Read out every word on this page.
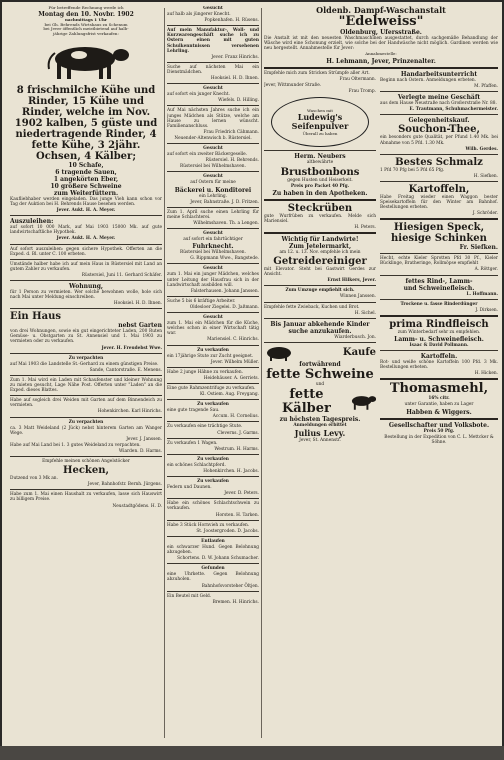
Für betreffende Rechnung werde ich
Montag den 10. Novbr. 1902
nachmittags 1 Uhr
bei Gh. Behrends Wirtshaus zu Schenum
bei Jever öffentlich meistbietend auf halb-
jährige Zahlungsfrist verkaufen:
8 frischmilche Kühe und
Rinder, 15 Kühe und
Rinder, welche im Nov.
1902 kalben, 5 güste und
niedertragende Rinder, 4
fette Kühe, 3 2jähr.
Ochsen, 4 Kälber;
10 Schafe,
6 tragende Sauen,
1 angekörten Eber,
10 größere Schweine
zum Weiterfüttern.
Kaufliebhaber werden eingeladen. Das junge Vieh kann schon vor Tag der Auktion bei H. Behrends Hause besehen werden.
Jever. Aukt. H. A. Meyer.
Auszuleihen:
auf sofort 10 000 Mark, auf Mai 1903 15000 Mk. auf gute landwirtschaftliche Hypothek.
Jever. Aukt. H. A. Meyer.
Auf sofort auszuleihen: gegen sichere Hypothek. Offerten an die Exped. d. Bl. unter C. 100 erbeten.
Umstände halber habe ich auf mein Haus in Rüstersiel mit Land an gutem Zahler zu verkaufen.
Rüstersiel, Juni 11. Gerhard Schäfer.
Wohnung,
für 1 Person zu vermieten. Wer solche bewohnen wolle, hole sich nach Mai unter Meldung einschreiben.
Hooksiel. H. D. Ihnen.
Ein Haus
nebst Garten
von drei Wohnungen, sowie ein gut eingerichteter Laden, 200 Ruten Gemüse- u. Obstgarten zu St. Annensiel und 1. Mai 1903 zu vermieten oder zu verkaufen.
Jever. H. Freudebst Wwe.
Zu verpachten
auf Mai 1903 die Landstelle St.-Gerhard zu einem günstigen Preise.
Sande, Cantorstraße. E. Menens.
Zum 1. Mai wird ein Laden mit Schaufenster und kleiner Wohnung zu mieten gesucht, Lage Nähe Post. Offerten unter "Laden" an die Exped. dieses Blattes.
Habe auf sogleich drei Weiden mit Garten auf dem Binnendeich zu vermieten.
Hohenkirchen. Karl Hinrichs.
Zu verpachten
ca. 3 Matt Weideland (2 Jück) nebst hinterem Garten am Wanger Wege.
Jever. J. Janssen.
Habe auf Mai Land bei 1. 3 gutes Weideland zu verpachten.
Wiarden. D. Harms.
Empfehle meinen schönen Angelstöcker
Hecken,
Dutzend von 3 Mk an.
Jever, Bahnhofstr. Bernh. Jürgens.
Habe zum 1. Mai einen Haushalt zu verkaufen, lasse sich Hauswirt zu billigem Preise.
Neustadtgödens. H. D.
Gesucht
auf halb als jüngerer Knecht.
Popkenhafen. H. Rüsens.
Auf mein Manufaktur-, Woll- und Kurzwarengeschäft suche ich zu Ostern einen mit guten Schulkenntnissen versehenen Lehrling.
Jever. Franz Hinrichs.
Suche auf nächsten Mai ein Dienstmädchen.
Hooksiel. H. D. Ihnen.
Gesucht
auf sofort ein junger Knecht.
Wiefels. D. Hilling.
Auf Mai nächsten Jahres suche ich ein junges Mädchen als Stütze, welche am Hause zu lernen wünscht. Familienanschluss.
Frau Friedrich Cähmann.
Neuender-Altenwisch b. Rüstersiel.
Gesucht
auf sofort ein zweiter Bäckergeselle.
Rüstersiel. H. Behrends.
Rüstersiel bei Wilhelmshaven.
Gesucht
auf Ostern für meine
Bäckerei u. Konditorei
ein Lehrling.
Jever, Bahnstraße. J. D. Fritzen.
Zum 1. April suche einen Lehrling für meine Schlachterei.
Wilhelmshaven. Th. a Lengen.
Gesucht
auf sofort ein fahrtüchtiger
Fuhrknecht.
Rüstersiel bei Wilhelmshaven.
G. Rippmann Wwe., Bangstede.
Gesucht
zum 1. Mai ein junger Mädchen, welches unter Leitung der Hausfrau sich in der Landwirtschaft ausbilden will.
Falsterhausen. Johann Janssen.
Suche 5 bis 6 kräftige Arbeiter.
Oldesloer Ziegelei. D. Jaßmann.
Gesucht
zum 1. Mai ein Mädchen für die Küche, welches schon in einer Wirtschaft tätig war.
Mariensiel. C. Hinrichs.
Zu verkaufen
ein 17jährige Stute zur Zucht geeignet.
Jever. Wilhelm Müller.
Habe 2 junge Hähne zu verkaufen.
Heidehäuser. A. Gerriets.
Eine gute Rahmzentrifuge zu verkaufen.
Kl. Ostiem. Aug. Freygang.
Zu verkaufen
eine gute tragende Sau.
Accum. H. Cornelius.
Zu verkaufen eine trächtige Stute.
Cleverns. J. Garms.
Zu verkaufen 1 Wagen.
Westrum. H. Harms.
Zu verkaufen
ein schönes Schlachtpferd.
Hohenkirchen. H. Jacobs.
Zu verkaufen
Federn und Daunen.
Jever. D. Peters.
Habe ein schönes Schlachtschwein zu verkaufen.
Horsten. H. Tarken.
Habe 3 Stück Hornvieh zu verkaufen.
St. Joostergroden. D. Jacobs.
Entlaufen
ein schwarzer Hund. Gegen Belohnung abzugeben.
Schortens. D. W. Johann Schumacher.
Gefunden
eine Uhrkette. Gegen Belohnung abzuholen.
Bahnhofsvorsteher Öltjen.
Ein Beutel mit Geld.
Bremen. H. Hinrichs.
Oldenb. Dampf-Waschanstalt
"Edelweiss"
Oldenburg, Ufersstraße.
Die Anstalt ist mit den neuesten Waschmaschinen ausgestattet, durch sachgemäße Behandlung der Wäsche wird eine Schonung erzielt, wie solche bei der Handwäsche nicht möglich. Gardinen werden wie neu hergestellt. Annahmestelle für Jever:
Annahmestelle:
H. Lehmann, Jever, Prinzenalter.
Empfehle mich zum Stricken Strümpfe aller Art.
Frau Oltermann.
Jever, Wittmunder Straße.
Frau Tromp.
Waschen mit
Ludewig's
Seifenpulver
Überall zu haben
Herm. Neubers
altbewährte
Brustbonbons
gegen Husten und Heiserkeit.
Preis pro Packet 40 Pfg.
Zu haben in den Apotheken.
Steckrüben
gute Wurfrüben zu verkaufen. Melde sich Mariensiel.
H. Peters.
Wichtig für Landwirte!
Zum Jetelermarkt,
am 12. u. 13. Nov. empfehle ich mein
Getreidereiniger
mit Elevator. Steht bei Gastwirt Gerdes zur Ansicht.
Ernst Hilkers, Jever.
Zum Umzuge empfiehlt sich.
Winnen Janssen.
Empfehle fette Zwieback, Kuchen und Brot.
H. Sichel.
Bis Januar abkehende Kinder suche anzukaufen.
Wiarderbusch. Jon.
Kaufe
fortwährend
fette Schweine
und
fette Kälber
zu höchsten Tagespreis.
Anmeldungen erbittet
Julius Levy.
Jever, St. Annenstr.
Handarbeitsunterricht
Beginn nach Ostern. Anmeldungen erbeten.
M. Pfaffen.
Verlegte meine Geschäft
aus dem Hause Neustraße nach Großerstraße Nr. 88.
E. Trautmann, Schuhmachermeister.
Gelegenheitskauf.
Souchon-Thee,
ein besonders gute Qualität, per Pfund 1.40 Mk. bei Abnahme von 5 Pfd. 1.30 Mk.
Wilh. Gerdes.
Bestes Schmalz
1 Pfd 70 Pfg bei 5 Pfd 65 Pfg.
H. Siefken.
Kartoffeln,
Habe Freitag wieder einen Waggon bester Speisekartoffeln für den Winter am Bahnhof. Bestellungen erbeten.
J. Schröder.
Hiesigen Speck,
hiesige Schinken
Fr. Siefken.
Hecht, echte Kieler Sprotten Pfd 30 Pf., Kieler Bücklinge, Bratheringe, Rollmöpse empfiehlt
A. Röttger.
fettes Rind-, Lamm-
und Schweinefleisch.
L. Hoffmann.
Trockene u. fasse Rinderdünger
J. Dirksen.
prima Rindfleisch
zum Winterbedarf sehr zu empfehlen.
Lamm- u. Schweinefleisch.
Isaac & David Pollmann.
Kartoffeln.
Rot- und weiße schöne Kartoffeln 100 Pfd. 3 Mk. Bestellungen erbeten.
H. Hicken.
Thomasmehl,
16% citr.
unter Garantie, haben zu Lager
Habben & Wiggers.
Gesellschafter und Volksbote.
Preis 50 Pfg.
Bestellung in der Expedition von C. L. Mettcker & Söhne.
